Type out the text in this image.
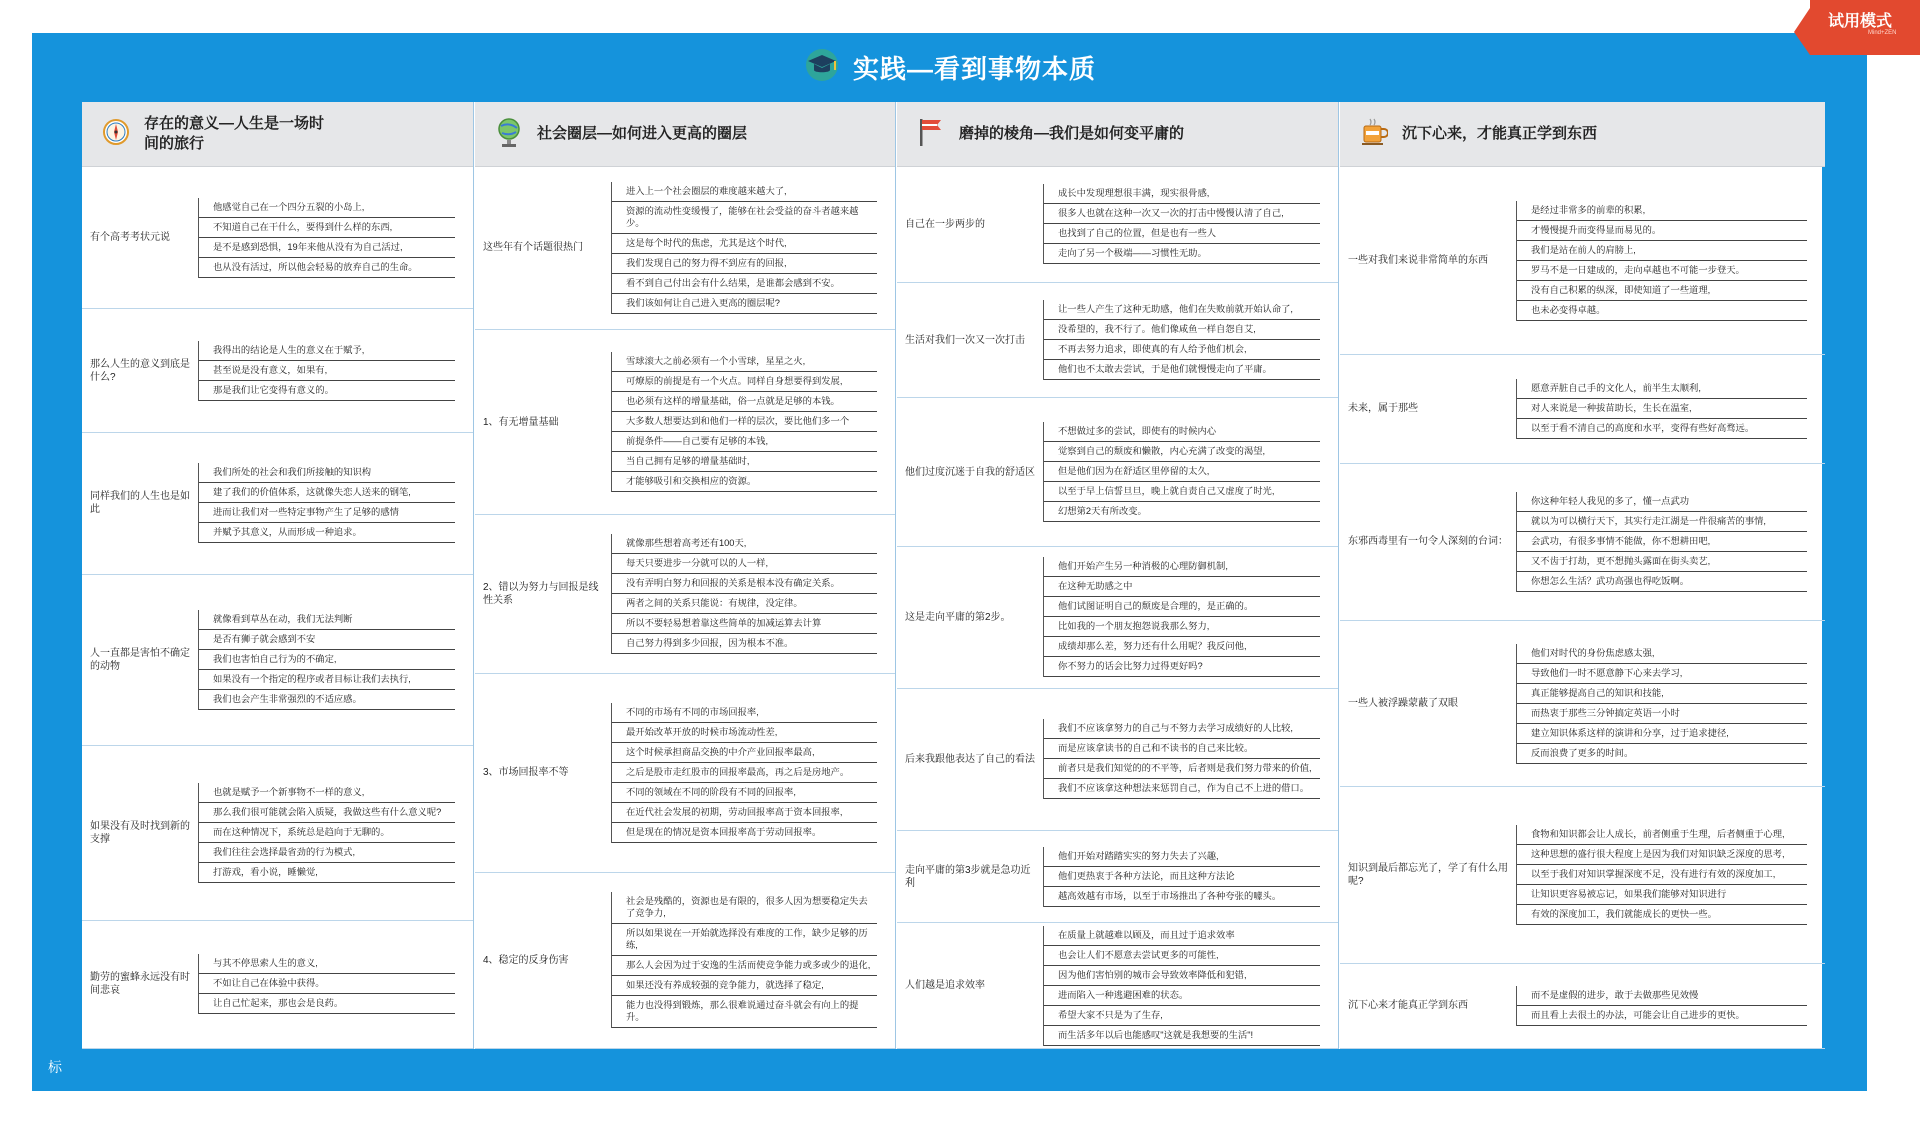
实践—看到事物本质
存在的意义—人生是一场时间的旅行
有个高考考状元说
他感觉自己在一个四分五裂的小岛上,
不知道自己在干什么，要得到什么样的东西,
是不是感到恐惧，19年来他从没有为自己活过,
也从没有活过，所以他会轻易的放弃自己的生命。
那么人生的意义到底是什么?
我得出的结论是人生的意义在于赋予,
甚至说是没有意义，如果有,
那是我们让它变得有意义的。
同样我们的人生也是如此
我们所处的社会和我们所接触的知识构
建了我们的价值体系，这就像失恋人送来的钢笔,
进而让我们对一些特定事物产生了足够的感情
并赋予其意义，从而形成一种追求。
人一直都是害怕不确定的动物
就像看到草丛在动，我们无法判断
是否有狮子就会感到不安
我们也害怕自己行为的不确定,
如果没有一个指定的程序或者目标让我们去执行,
我们也会产生非常强烈的不适应感。
如果没有及时找到新的支撑
也就是赋予一个新事物不一样的意义,
那么我们很可能就会陷入质疑，我做这些有什么意义呢?
而在这种情况下，系统总是趋向于无聊的。
我们往往会选择最省劲的行为模式,
打游戏，看小说，睡懒觉,
勤劳的蜜蜂永远没有时间悲哀
与其不停思索人生的意义,
不如让自己在体验中获得。
让自己忙起来，那也会是良药。
社会圈层—如何进入更高的圈层
这些年有个话题很热门
进入上一个社会圈层的难度越来越大了,
资源的流动性变缓慢了，能够在社会受益的奋斗者越来越少。
这是每个时代的焦虑，尤其是这个时代,
我们发现自己的努力得不到应有的回报,
看不到自己付出会有什么结果，是谁都会感到不安。
我们该如何让自己进入更高的圈层呢?
1、有无增量基础
雪球滚大之前必须有一个小雪球，星星之火,
可燎原的前提是有一个火点。同样自身想要得到发展,
也必须有这样的增量基础，俗一点就是足够的本钱。
大多数人想要达到和他们一样的层次，要比他们多一个
前提条件——自己要有足够的本钱,
当自己拥有足够的增量基础时,
才能够吸引和交换相应的资源。
2、错以为努力与回报是线性关系
就像那些想着高考还有100天,
每天只要进步一分就可以的人一样,
没有弄明白努力和回报的关系是根本没有确定关系。
两者之间的关系只能说：有规律，没定律。
所以不要轻易想着靠这些简单的加减运算去计算
自己努力得到多少回报，因为根本不准。
3、市场回报率不等
不同的市场有不同的市场回报率,
最开始改革开放的时候市场流动性差,
这个时候承担商品交换的中介产业回报率最高,
之后是股市走红股市的回报率最高，再之后是房地产。
不同的领域在不同的阶段有不同的回报率,
在近代社会发展的初期，劳动回报率高于资本回报率,
但是现在的情况是资本回报率高于劳动回报率。
4、稳定的反身伤害
社会是残酷的，资源也是有限的，很多人因为想要稳定失去了竞争力,
所以如果说在一开始就选择没有难度的工作，缺少足够的历练,
那么人会因为过于安逸的生活而使竞争能力或多或少的退化,
如果还没有养成较强的竞争能力，就选择了稳定,
能力也没得到锻炼，那么很难说通过奋斗就会有向上的提升。
磨掉的棱角—我们是如何变平庸的
自己在一步两步的
成长中发现理想很丰满，现实很骨感,
很多人也就在这种一次又一次的打击中慢慢认清了自己,
也找到了自己的位置，但是也有一些人
走向了另一个极端——习惯性无助。
生活对我们一次又一次打击
让一些人产生了这种无助感，他们在失败前就开始认命了,
没希望的，我不行了。他们像咸鱼一样自怨自艾,
不再去努力追求，即使真的有人给予他们机会,
他们也不太敢去尝试，于是他们就慢慢走向了平庸。
他们过度沉迷于自我的舒适区
不想做过多的尝试，即使有的时候内心
觉察到自己的颓废和懒散，内心充满了改变的渴望,
但是他们因为在舒适区里停留的太久,
以至于早上信誓旦旦，晚上就自责自己又虚度了时光,
幻想第2天有所改变。
这是走向平庸的第2步。
他们开始产生另一种消极的心理防御机制,
在这种无助感之中
他们试图证明自己的颓废是合理的，是正确的。
比如我的一个朋友抱怨说我那么努力,
成绩却那么差，努力还有什么用呢？我反问他,
你不努力的话会比努力过得更好吗?
后来我跟他表达了自己的看法
我们不应该拿努力的自己与不努力去学习成绩好的人比较,
而是应该拿读书的自己和不读书的自己来比较。
前者只是我们知觉的的不平等，后者则是我们努力带来的价值,
我们不应该拿这种想法来惩罚自己，作为自己不上进的借口。
走向平庸的第3步就是急功近利
他们开始对踏踏实实的努力失去了兴趣,
他们更热衷于各种方法论，而且这种方法论
越高效越有市场，以至于市场推出了各种夸张的噱头。
人们越是追求效率
在质量上就越难以顾及，而且过于追求效率
也会让人们不愿意去尝试更多的可能性,
因为他们害怕别的城市会导致效率降低和犯错,
进而陷入一种逃避困难的状态。
希望大家不只是为了生存,
而生活多年以后也能感叹"这就是我想要的生活"!
沉下心来，才能真正学到东西
一些对我们来说非常简单的东西
是经过非常多的前辈的积累,
才慢慢提升而变得显而易见的。
我们是站在前人的肩膀上,
罗马不是一日建成的，走向卓越也不可能一步登天。
没有自己积累的纵深，即使知道了一些道理,
也未必变得卓越。
未来，属于那些
愿意弄脏自己手的文化人，前半生太顺利,
对人来说是一种拔苗助长，生长在温室,
以至于看不清自己的高度和水平，变得有些好高骛远。
东邪西毒里有一句令人深刻的台词：
你这种年轻人我见的多了，懂一点武功
就以为可以横行天下，其实行走江湖是一件很痛苦的事情,
会武功，有很多事情不能做，你不想耕田吧,
又不齿于打劫，更不想抛头露面在街头卖艺,
你想怎么生活？武功高强也得吃饭啊。
一些人被浮躁蒙蔽了双眼
他们对时代的身份焦虑感太强,
导致他们一时不愿意静下心来去学习,
真正能够提高自己的知识和技能,
而热衷于那些三分钟搞定英语一小时
建立知识体系这样的演讲和分享，过于追求捷径,
反而浪费了更多的时间。
知识到最后都忘光了，学了有什么用呢?
食物和知识都会让人成长，前者侧重于生理，后者侧重于心理,
这种思想的盛行很大程度上是因为我们对知识缺乏深度的思考,
以至于我们对知识掌握深度不足，没有进行有效的深度加工,
让知识更容易被忘记，如果我们能够对知识进行
有效的深度加工，我们就能成长的更快一些。
沉下心来才能真正学到东西
而不是虚假的进步，敢于去做那些见效慢
而且看上去很土的办法，可能会让自己进步的更快。
标
试用模式
Mind+ZEN
